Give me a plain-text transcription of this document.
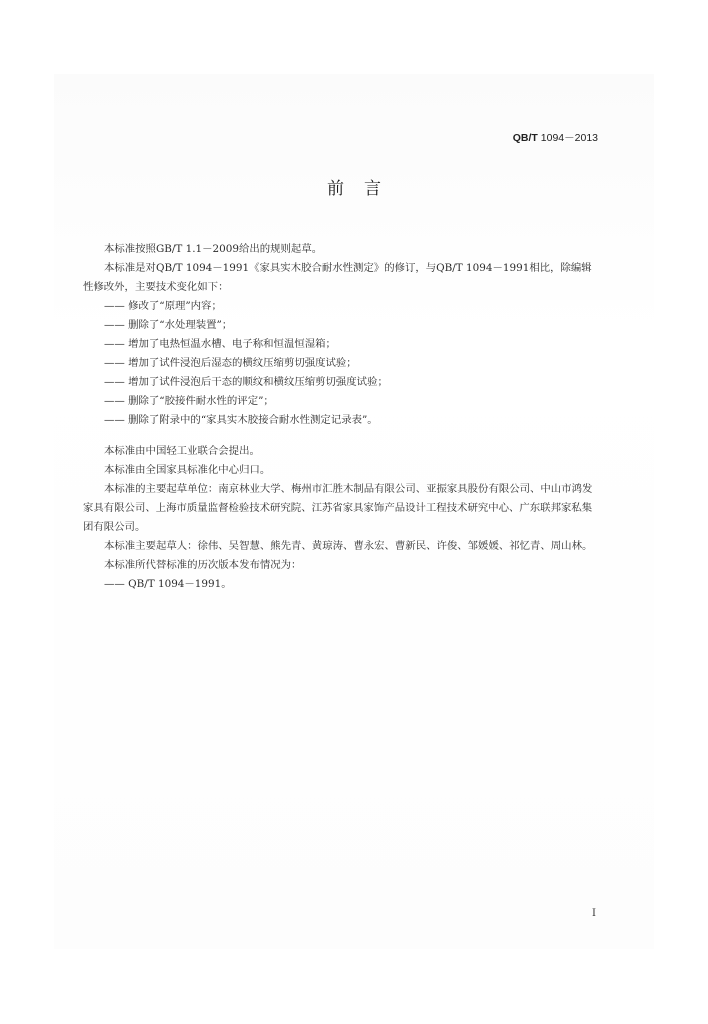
QB/T 1094－2013
前言

本标准按照GB/T 1.1－2009给出的规则起草。

本标准是对QB/T 1094－1991《家具实木胶合耐水性测定》的修订，与QB/T 1094－1991相比，除编辑性修改外，主要技术变化如下：

—— 修改了“原理”内容；

—— 删除了“水处理装置”；

—— 增加了电热恒温水槽、电子称和恒温恒湿箱；

—— 增加了试件浸泡后湿态的横纹压缩剪切强度试验；

—— 增加了试件浸泡后干态的顺纹和横纹压缩剪切强度试验；

—— 删除了“胶接件耐水性的评定”；

—— 删除了附录中的“家具实木胶接合耐水性测定记录表”。

本标准由中国轻工业联合会提出。

本标准由全国家具标准化中心归口。

本标准的主要起草单位：南京林业大学、梅州市汇胜木制品有限公司、亚振家具股份有限公司、中山市鸿发家具有限公司、上海市质量监督检验技术研究院、江苏省家具家饰产品设计工程技术研究中心、广东联邦家私集团有限公司。

本标准主要起草人：徐伟、吴智慧、熊先青、黄琼涛、曹永宏、曹新民、许俊、邹媛媛、祁忆青、周山林。

本标准所代替标准的历次版本发布情况为：

—— QB/T 1094－1991。

I
